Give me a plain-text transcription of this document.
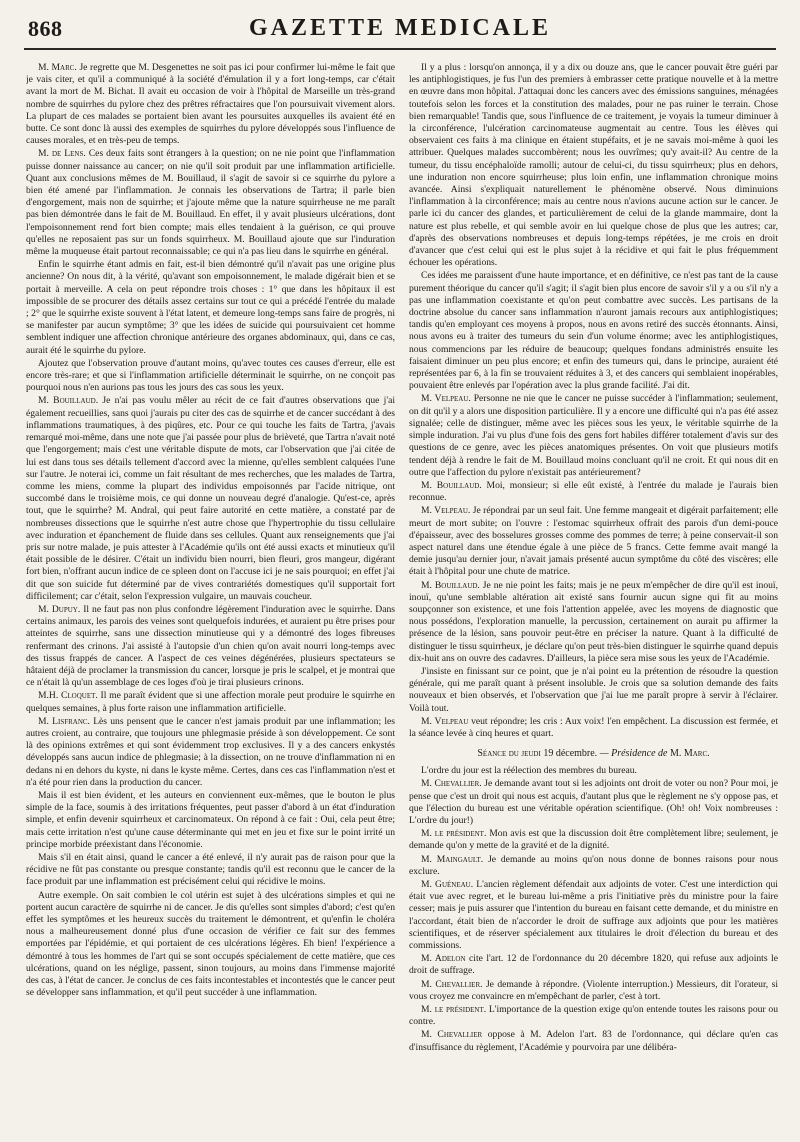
868	GAZETTE MEDICALE

M. Marc. Je regrette que M. Desgenettes ne soit pas ici pour confirmer lui-même le fait que je vais citer, et qu'il a communiqué à la société d'émulation il y a fort long-temps, car c'était avant la mort de M. Bichat. Il avait eu occasion de voir à l'hôpital de Marseille un très-grand nombre de squirrhes du pylore chez des prêtres réfractaires que l'on poursuivait vivement alors. La plupart de ces malades se portaient bien avant les poursuites auxquelles ils avaient été en butte. Ce sont donc là aussi des exemples de squirrhes du pylore développés sous l'influence de causes morales, et en très-peu de temps.

M. de Lens. Ces deux faits sont étrangers à la question; on ne nie point que l'inflammation puisse donner naissance au cancer; on nie qu'il soit produit par une inflammation artificielle. Quant aux conclusions mêmes de M. Bouillaud, il s'agit de savoir si ce squirrhe du pylore a bien été amené par l'inflammation. Je connais les observations de Tartra; il parle bien d'engorgement, mais non de squirrhe; et j'ajoute même que la nature squirrheuse ne me paraît pas bien démontrée dans le fait de M. Bouillaud. En effet, il y avait plusieurs ulcérations, dont l'empoisonnement rend fort bien compte; mais elles tendaient à la guérison, ce qui prouve qu'elles ne reposaient pas sur un fonds squirrheux. M. Bouillaud ajoute que sur l'induration même la muqueuse était partout reconnaissable; ce qui n'a pas lieu dans le squirrhe en général.

Enfin le squirrhe étant admis en fait, est-il bien démontré qu'il n'avait pas une origine plus ancienne? On nous dit, à la vérité, qu'avant son empoisonnement, le malade digérait bien et se portait à merveille. A cela on peut répondre trois choses : 1° que dans les hôpitaux il est impossible de se procurer des détails assez certains sur tout ce qui a précédé l'entrée du malade ; 2° que le squirrhe existe souvent à l'état latent, et demeure long-temps sans faire de progrès, ni se manifester par aucun symptôme; 3° que les idées de suicide qui poursuivaient cet homme semblent indiquer une affection chronique antérieure des organes abdominaux, qui, dans ce cas, aurait été le squirrhe du pylore.

Ajoutez que l'observation prouve d'autant moins, qu'avec toutes ces causes d'erreur, elle est encore très-rare; et que si l'inflammation artificielle déterminait le squirrhe, on ne conçoit pas pourquoi nous n'en aurions pas tous les jours des cas sous les yeux.

M. Bouillaud. Je n'ai pas voulu mêler au récit de ce fait d'autres observations que j'ai également recueillies, sans quoi j'aurais pu citer des cas de squirrhe et de cancer succédant à des inflammations traumatiques, à des piqûres, etc. Pour ce qui touche les faits de Tartra, j'avais remarqué moi-même, dans une note que j'ai passée pour plus de brièveté, que Tartra n'avait noté que l'engorgement; mais c'est une véritable dispute de mots, car l'observation que j'ai citée de lui est dans tous ses détails tellement d'accord avec la mienne, qu'elles semblent calquées l'une sur l'autre. Je noterai ici, comme un fait résultant de mes recherches, que les malades de Tartra, comme les miens, comme la plupart des individus empoisonnés par l'acide nitrique, ont succombé dans le troisième mois, ce qui donne un nouveau degré d'analogie. Qu'est-ce, après tout, que le squirrhe? M. Andral, qui peut faire autorité en cette matière, a constaté par de nombreuses dissections que le squirrhe n'est autre chose que l'hypertrophie du tissu cellulaire avec induration et épanchement de fluide dans ses cellules. Quant aux renseignements que j'ai pris sur notre malade, je puis attester à l'Académie qu'ils ont été aussi exacts et minutieux qu'il était possible de le désirer. C'était un individu bien nourri, bien fleuri, gros mangeur, digérant fort bien, n'offrant aucun indice de ce spleen dont on l'accuse ici je ne sais pourquoi; en effet j'ai dit que son suicide fut déterminé par de vives contrariétés domestiques qu'il supportait fort difficilement; car c'était, selon l'expression vulgaire, un mauvais coucheur.

M. Dupuy. Il ne faut pas non plus confondre légèrement l'induration avec le squirrhe. Dans certains animaux, les parois des veines sont quelquefois indurées, et auraient pu être prises pour atteintes de squirrhe, sans une dissection minutieuse qui y a démontré des loges fibreuses renfermant des crinons. J'ai assisté à l'autopsie d'un chien qu'on avait nourri long-temps avec des tissus frappés de cancer. A l'aspect de ces veines dégénérées, plusieurs spectateurs se hâtaient déjà de proclamer la transmission du cancer, lorsque je pris le scalpel, et je montrai que ce n'était là qu'un assemblage de ces loges d'où je tirai plusieurs crinons.

M.H. Cloquet. Il me paraît évident que si une affection morale peut produire le squirrhe en quelques semaines, à plus forte raison une inflammation artificielle.

M. Lisfranc. Lès uns pensent que le cancer n'est jamais produit par une inflammation; les autres croient, au contraire, que toujours une phlegmasie préside à son développement. Ce sont là des opinions extrêmes et qui sont évidemment trop exclusives. Il y a des cancers enkystés développés sans aucun indice de phlegmasie; à la dissection, on ne trouve d'inflammation ni en dedans ni en dehors du kyste, ni dans le kyste même. Certes, dans ces cas l'inflammation n'est et n'a été pour rien dans la production du cancer.

Mais il est bien évident, et les auteurs en conviennent eux-mêmes, que le bouton le plus simple de la face, soumis à des irritations fréquentes, peut passer d'abord à un état d'induration simple, et enfin devenir squirrheux et carcinomateux. On répond à ce fait : Oui, cela peut être; mais cette irritation n'est qu'une cause déterminante qui met en jeu et fixe sur le point irrité un principe morbide préexistant dans l'économie.

Mais s'il en était ainsi, quand le cancer a été enlevé, il n'y aurait pas de raison pour que la récidive ne fût pas constante ou presque constante; tandis qu'il est reconnu que le cancer de la face produit par une inflammation est précisément celui qui récidive le moins.

Autre exemple. On sait combien le col utérin est sujet à des ulcérations simples et qui ne portent aucun caractère de squirrhe ni de cancer. Je dis qu'elles sont simples d'abord; c'est qu'en effet les symptômes et les heureux succès du traitement le démontrent, et qu'enfin le choléra nous a malheureusement donné plus d'une occasion de vérifier ce fait sur des femmes emportées par l'épidémie, et qui portaient de ces ulcérations légères. Eh bien! l'expérience a démontré à tous les hommes de l'art qui se sont occupés spécialement de cette matière, que ces ulcérations, quand on les néglige, passent, sinon toujours, au moins dans l'immense majorité des cas, à l'état de cancer. Je conclus de ces faits incontestables et incontestés que le cancer peut se développer sans inflammation, et qu'il peut succéder à une inflammation.

Il y a plus : lorsqu'on annonça, il y a dix ou douze ans, que le cancer pouvait être guéri par les antiphlogistiques, je fus l'un des premiers à embrasser cette pratique nouvelle et à la mettre en œuvre dans mon hôpital. J'attaquai donc les cancers avec des émissions sanguines, ménagées toutefois selon les forces et la constitution des malades, pour ne pas ruiner le terrain. Chose bien remarquable! Tandis que, sous l'influence de ce traitement, je voyais la tumeur diminuer à la circonférence, l'ulcération carcinomateuse augmentait au centre. Tous les élèves qui observaient ces faits à ma clinique en étaient stupéfaits, et je ne savais moi-même à quoi les attribuer. Quelques malades succombèrent; nous les ouvrîmes; qu'y avait-il? Au centre de la tumeur, du tissu encéphaloïde ramolli; autour de celui-ci, du tissu squirrheux; plus en dehors, une induration non encore squirrheuse; plus loin enfin, une inflammation chronique moins avancée. Ainsi s'expliquait naturellement le phénomène observé. Nous diminuions l'inflammation à la circonférence; mais au centre nous n'avions aucune action sur le cancer. Je parle ici du cancer des glandes, et particulièrement de celui de la glande mammaire, dont la nature est plus rebelle, et qui semble avoir en lui quelque chose de plus que les autres; car, d'après des observations nombreuses et depuis long-temps répétées, je me crois en droit d'avancer que c'est celui qui est le plus sujet à la récidive et qui fait le plus fréquemment échouer les opérations.

Ces idées me paraissent d'une haute importance, et en définitive, ce n'est pas tant de la cause purement théorique du cancer qu'il s'agit; il s'agit bien plus encore de savoir s'il y a ou s'il n'y a pas une inflammation coexistante et qu'on peut combattre avec succès. Les partisans de la doctrine absolue du cancer sans inflammation n'auront jamais recours aux antiphlogistiques; tandis qu'en employant ces moyens à propos, nous en avons retiré des succès étonnants. Ainsi, nous avons eu à traiter des tumeurs du sein d'un volume énorme; avec les antiphlogistiques, nous commencions par les réduire de beaucoup; quelques fondans administrés ensuite les faisaient diminuer un peu plus encore; et enfin des tumeurs qui, dans le principe, auraient été représentées par 6, à la fin se trouvaient réduites à 3, et des cancers qui semblaient inopérables, pouvaient être enlevés par l'opération avec la plus grande facilité. J'ai dit.

M. Velpeau. Personne ne nie que le cancer ne puisse succéder à l'inflammation; seulement, on dit qu'il y a alors une disposition particulière. Il y a encore une difficulté qui n'a pas été assez signalée; celle de distinguer, même avec les pièces sous les yeux, le véritable squirrhe de la simple induration. J'ai vu plus d'une fois des gens fort habiles différer totalement d'avis sur des questions de ce genre, avec les pièces anatomiques présentes. On voit que plusieurs motifs tendent déjà à rendre le fait de M. Bouillaud moins concluant qu'il ne croit. Et qui nous dit en outre que l'affection du pylore n'existait pas antérieurement?

M. Bouillaud. Moi, monsieur; si elle eût existé, à l'entrée du malade je l'aurais bien reconnue.

M. Velpeau. Je répondrai par un seul fait. Une femme mangeait et digérait parfaitement; elle meurt de mort subite; on l'ouvre : l'estomac squirrheux offrait des parois d'un demi-pouce d'épaisseur, avec des bosselures grosses comme des pommes de terre; à peine conservait-il son aspect naturel dans une étendue égale à une pièce de 5 francs. Cette femme avait mangé la demie jusqu'au dernier jour, n'avait jamais présenté aucun symptôme du côté des viscères; elle était à l'hôpital pour une chute de matrice.

M. Bouillaud. Je ne nie point les faits; mais je ne peux m'empêcher de dire qu'il est inouï, inouï, qu'une semblable altération ait existé sans fournir aucun signe qui fit au moins soupçonner son existence, et une fois l'attention appelée, avec les moyens de diagnostic que nous possédons, l'exploration manuelle, la percussion, certainement on aurait pu affirmer la présence de la lésion, sans pouvoir peut-être en préciser la nature. Quant à la difficulté de distinguer le tissu squirrheux, je déclare qu'on peut très-bien distinguer le squirrhe quand depuis dix-huit ans on ouvre des cadavres. D'ailleurs, la pièce sera mise sous les yeux de l'Académie.

J'insiste en finissant sur ce point, que je n'ai point eu la prétention de résoudre la question générale, qui me paraît quant à présent insoluble. Je crois que sa solution demande des faits nouveaux et bien observés, et l'observation que j'ai lue me paraît propre à servir à l'éclairer. Voilà tout.

M. Velpeau veut répondre; les cris : Aux voix! l'en empêchent. La discussion est fermée, et la séance levée à cinq heures et quart.

Séance du jeudi 19 décembre. — Présidence de M. Marc.

L'ordre du jour est la réélection des membres du bureau.

M. Chevallier. Je demande avant tout si les adjoints ont droit de voter ou non? Pour moi, je pense que c'est un droit qui nous est acquis, d'autant plus que le règlement ne s'y oppose pas, et que l'élection du bureau est une véritable opération scientifique. (Oh! oh! Voix nombreuses : L'ordre du jour!)

M. le président. Mon avis est que la discussion doit être complètement libre; seulement, je demande qu'on y mette de la gravité et de la dignité.

M. Maingault. Je demande au moins qu'on nous donne de bonnes raisons pour nous exclure.

M. Guéneau. L'ancien règlement défendait aux adjoints de voter. C'est une interdiction qui était vue avec regret, et le bureau lui-même a pris l'initiative près du ministre pour la faire cesser; mais je puis assurer que l'intention du bureau en faisant cette demande, et du ministre en l'accordant, était bien de n'accorder le droit de suffrage aux adjoints que pour les matières scientifiques, et de réserver spécialement aux titulaires le droit d'élection du bureau et des commissions.

M. Adelon cite l'art. 12 de l'ordonnance du 20 décembre 1820, qui refuse aux adjoints le droit de suffrage.

M. Chevallier. Je demande à répondre. (Violente interruption.) Messieurs, dit l'orateur, si vous croyez me convaincre en m'empêchant de parler, c'est à tort.

M. le président. L'importance de la question exige qu'on entende toutes les raisons pour ou contre.

M. Chevallier oppose à M. Adelon l'art. 83 de l'ordonnance, qui déclare qu'en cas d'insuffisance du règlement, l'Académie y pourvoira par une délibéra-
